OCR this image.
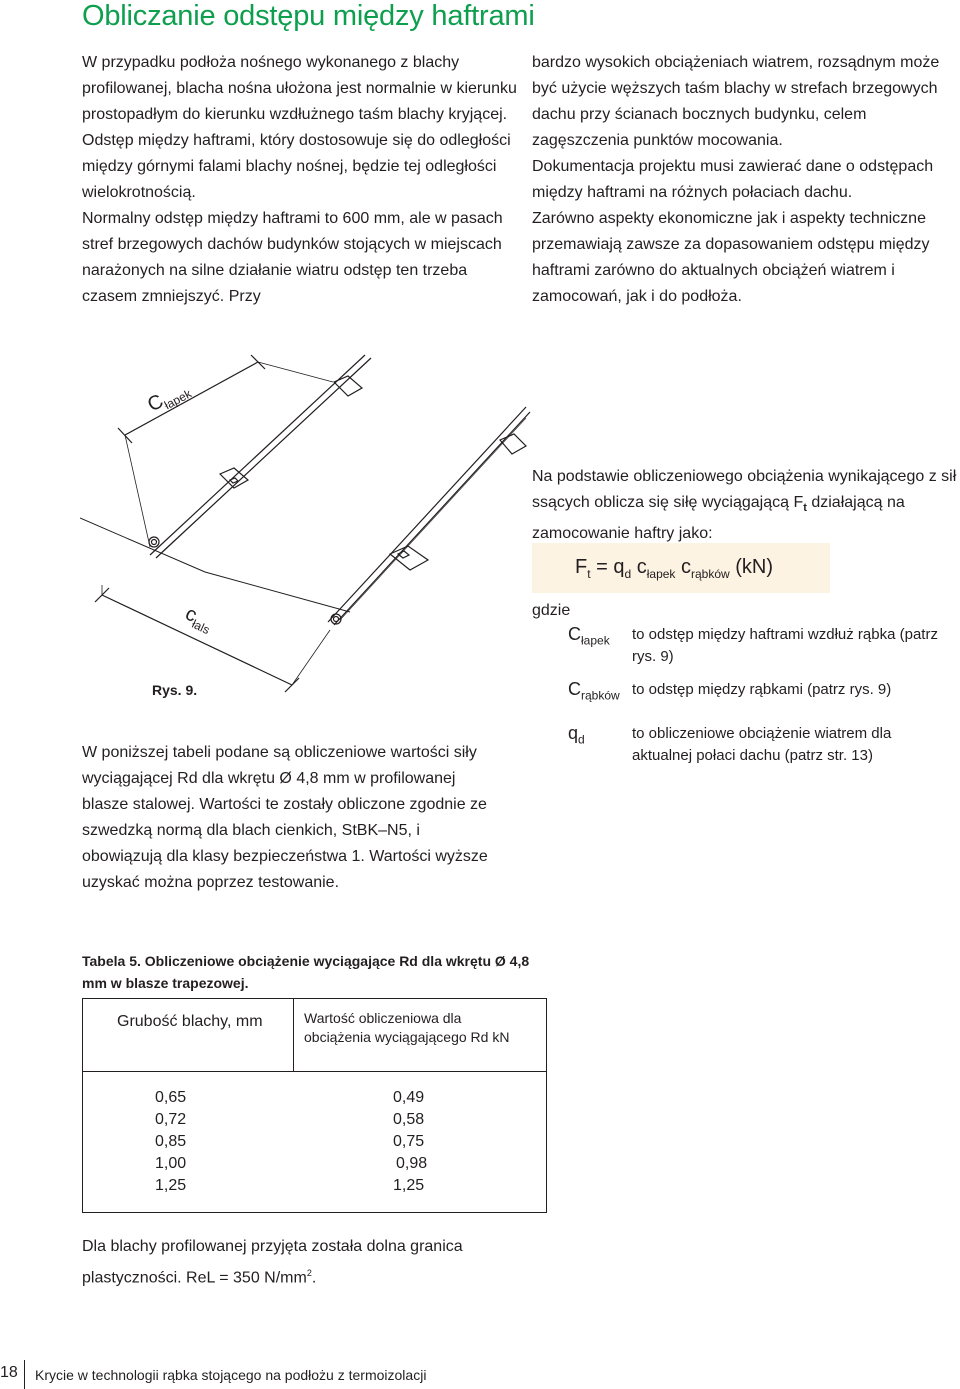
Obliczanie odstępu między haftrami

W przypadku podłoża nośnego wykonanego z blachy profilowanej, blacha nośna ułożona jest normalnie w kierunku prostopadłym do kierunku wzdłużnego taśm blachy kryjącej. Odstęp między haftrami, który dostosowuje się do odległości między górnymi falami blachy nośnej, będzie tej odległości wielokrotnością.

Normalny odstęp między haftrami to 600 mm, ale w pasach stref brzegowych dachów budynków stojących w miejscach narażonych na silne działanie wiatru odstęp ten trzeba czasem zmniejszyć. Przy

bardzo wysokich obciążeniach wiatrem, rozsądnym może być użycie węższych taśm blachy w strefach brzegowych dachu przy ścianach bocznych budynku, celem zagęszczenia punktów mocowania.

Dokumentacja projektu musi zawierać dane o odstępach między haftrami na różnych połaciach dachu.

Zarówno aspekty ekonomiczne jak i aspekty techniczne przemawiają zawsze za dopasowaniem odstępu między haftrami zarówno do aktualnych obciążeń wiatrem i zamocowań, jak i do podłoża.

$C_{łapek}$
$c_{łals}$
Rys. 9.
Na podstawie obliczeniowego obciążenia wynikającego z sił ssących oblicza się siłę wyciągającą $F_t$ działającą na zamocowanie haftry jako:
$F_t = q_d$ $c_{łapek}$ $c_{rąbków}$ (kN)
gdzie
$C_{łapek}$ to odstęp między haftrami wzdłuż rąbka (patrz rys. 9)
$C_{rąbków}$ to odstęp między rąbkami (patrz rys. 9)
$q_d$	to obliczeniowe obciążenie wiatrem dla aktualnej połaci dachu (patrz str. 13)
W poniższej tabeli podane są obliczeniowe wartości siły wyciągającej Rd dla wkrętu Ø 4,8 mm w profilowanej blasze stalowej. Wartości te zostały obliczone zgodnie ze szwedzką normą dla blach cienkich, StBK–N5, i obowiązują dla klasy bezpieczeństwa 1. Wartości wyższe uzyskać można poprzez testowanie.
Tabela 5. Obliczeniowe obciążenie wyciągające Rd dla wkrętu Ø 4,8 mm w blasze trapezowej.
Grubość blachy, mm	Wartość obliczeniowa dla obciążenia wyciągającego Rd kN
0,65	0,49
0,72	0,58
0,85	0,75
1,00	0,98
1,25	1,25
Dla blachy profilowanej przyjęta została dolna granica plastyczności. ReL = 350 $N/mm^2$.
18 Krycie w technologii rąbka stojącego na podłożu z termoizolacji
